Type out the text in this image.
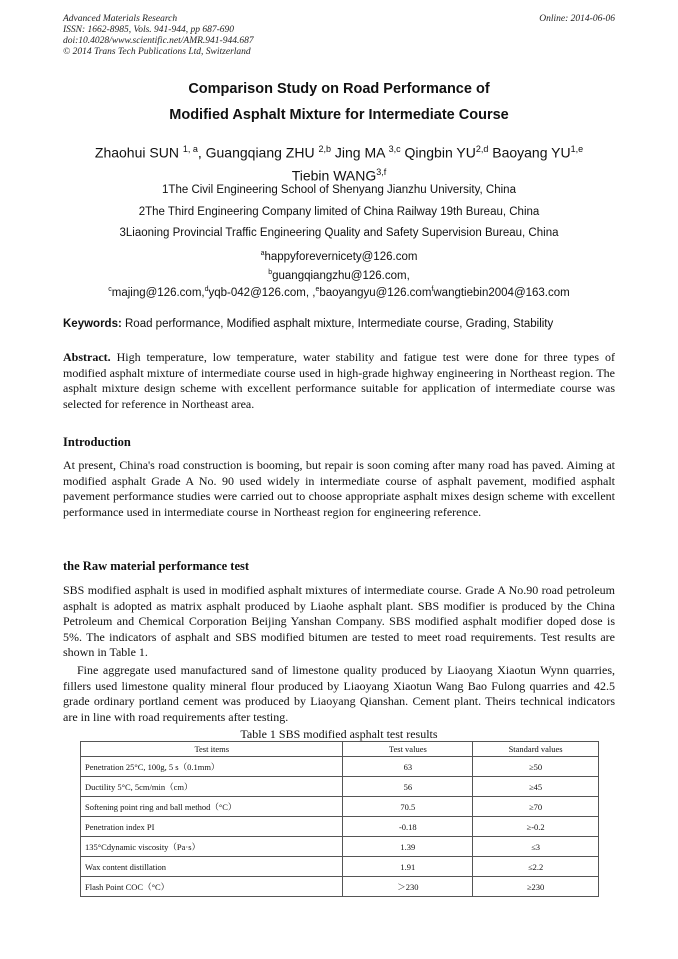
Advanced Materials Research
ISSN: 1662-8985, Vols. 941-944, pp 687-690
doi:10.4028/www.scientific.net/AMR.941-944.687
© 2014 Trans Tech Publications Ltd, Switzerland
Online: 2014-06-06
Comparison Study on Road Performance of
Modified Asphalt Mixture for Intermediate Course
Zhaohui SUN $^{1, a}$, Guangqiang ZHU $^{2,b}$ Jing MA $^{3,c}$ Qingbin YU$^{2,d}$ Baoyang YU$^{1,e}$
Tiebin WANG$^{3,f}$
1The Civil Engineering School of Shenyang Jianzhu University, China
2The Third Engineering Company limited of China Railway 19th Bureau, China
3Liaoning Provincial Traffic Engineering Quality and Safety Supervision Bureau, China
$^a$happyforevernicety@126.com
$^b$guangqiangzhu@126.com,
$^c$majing@126.com,$^d$yqb-042@126.com, ,$^e$baoyangyu@126.com$^f$wangtiebin2004@163.com
Keywords: Road performance, Modified asphalt mixture, Intermediate course, Grading, Stability
Abstract. High temperature, low temperature, water stability and fatigue test were done for three types of modified asphalt mixture of intermediate course used in high-grade highway engineering in Northeast region. The asphalt mixture design scheme with excellent performance suitable for application of intermediate course was selected for reference in Northeast area.
Introduction
At present, China's road construction is booming, but repair is soon coming after many road has paved. Aiming at modified asphalt Grade A No. 90 used widely in intermediate course of asphalt pavement, modified asphalt pavement performance studies were carried out to choose appropriate asphalt mixes design scheme with excellent performance used in intermediate course in Northeast region for engineering reference.
the Raw material performance test
SBS modified asphalt is used in modified asphalt mixtures of intermediate course. Grade A No.90 road petroleum asphalt is adopted as matrix asphalt produced by Liaohe asphalt plant. SBS modifier is produced by the China Petroleum and Chemical Corporation Beijing Yanshan Company. SBS modified asphalt modifier doped dose is 5%. The indicators of asphalt and SBS modified bitumen are tested to meet road requirements. Test results are shown in Table 1.
Fine aggregate used manufactured sand of limestone quality produced by Liaoyang Xiaotun Wynn quarries, fillers used limestone quality mineral flour produced by Liaoyang Xiaotun Wang Bao Fulong quarries and 42.5 grade ordinary portland cement was produced by Liaoyang Qianshan. Cement plant. Theirs technical indicators are in line with road requirements after testing.
Table 1 SBS modified asphalt test results
Test items	Test values	Standard values
Penetration 25°C, 100g, 5 s（0.1mm）	63	≥50
Ductility 5°C, 5cm/min（cm）	56	≥45
Softening point ring and ball method（°C）	70.5	≥70
Penetration index PI	-0.18	≥-0.2
135°Cdynamic viscosity（Pa·s）	1.39	≤3
Wax content distillation	1.91	≤2.2
Flash Point COC（°C）	＞230	≥230
